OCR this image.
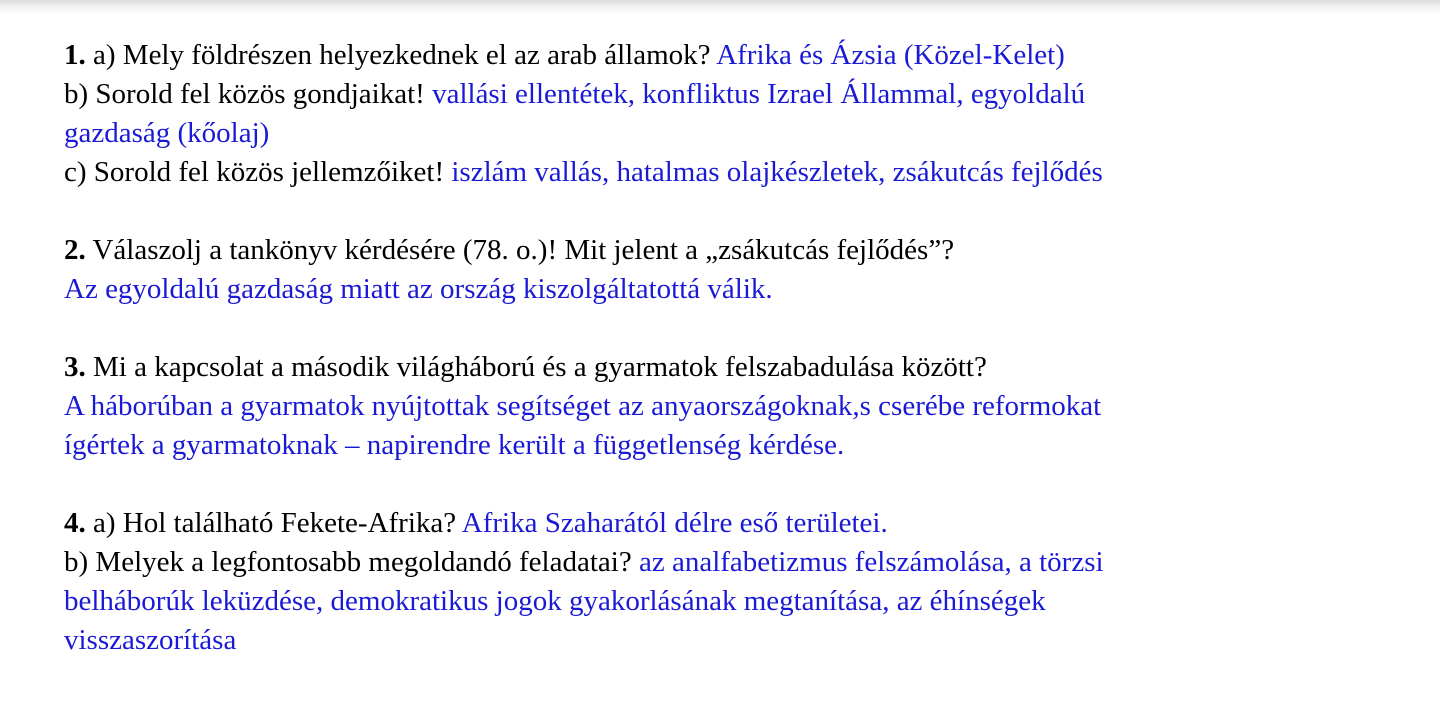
1. a) Mely földrészen helyezkednek el az arab államok? Afrika és Ázsia (Közel-Kelet)
b) Sorold fel közös gondjaikat! vallási ellentétek, konfliktus Izrael Állammal, egyoldalú
gazdaság (kőolaj)
c) Sorold fel közös jellemzőiket! iszlám vallás, hatalmas olajkészletek, zsákutcás fejlődés
2. Válaszolj a tankönyv kérdésére (78. o.)! Mit jelent a „zsákutcás fejlődés”?
Az egyoldalú gazdaság miatt az ország kiszolgáltatottá válik.
3. Mi a kapcsolat a második világháború és a gyarmatok felszabadulása között?
A háborúban a gyarmatok nyújtottak segítséget az anyaországoknak,s cserébe reformokat
ígértek a gyarmatoknak – napirendre került a függetlenség kérdése.
4. a) Hol található Fekete-Afrika? Afrika Szaharától délre eső területei.
b) Melyek a legfontosabb megoldandó feladatai? az analfabetizmus felszámolása, a törzsi
belháborúk leküzdése, demokratikus jogok gyakorlásának megtanítása, az éhínségek
visszaszorítása
